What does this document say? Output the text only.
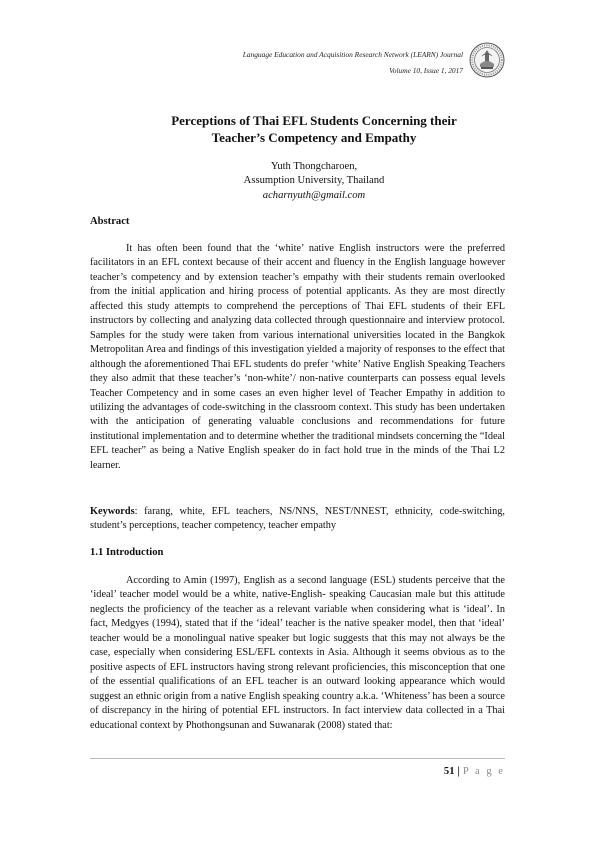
Language Education and Acquisition Research Network (LEARN) Journal
Volume 10, Issue 1, 2017
Perceptions of Thai EFL Students Concerning their
Teacher’s Competency and Empathy
Yuth Thongcharoen,
Assumption University, Thailand
acharnyuth@gmail.com
Abstract
It has often been found that the ‘white’ native English instructors were the preferred facilitators in an EFL context because of their accent and fluency in the English language however teacher’s competency and by extension teacher’s empathy with their students remain overlooked from the initial application and hiring process of potential applicants. As they are most directly affected this study attempts to comprehend the perceptions of Thai EFL students of their EFL instructors by collecting and analyzing data collected through questionnaire and interview protocol. Samples for the study were taken from various international universities located in the Bangkok Metropolitan Area and findings of this investigation yielded a majority of responses to the effect that although the aforementioned Thai EFL students do prefer ‘white’ Native English Speaking Teachers they also admit that these teacher’s ‘non-white’/ non-native counterparts can possess equal levels Teacher Competency and in some cases an even higher level of Teacher Empathy in addition to utilizing the advantages of code-switching in the classroom context. This study has been undertaken with the anticipation of generating valuable conclusions and recommendations for future institutional implementation and to determine whether the traditional mindsets concerning the “Ideal EFL teacher” as being a Native English speaker do in fact hold true in the minds of the Thai L2 learner.
Keywords: farang, white, EFL teachers, NS/NNS, NEST/NNEST, ethnicity, code-switching, student’s perceptions, teacher competency, teacher empathy
1.1 Introduction
According to Amin (1997), English as a second language (ESL) students perceive that the ‘ideal’ teacher model would be a white, native-English- speaking Caucasian male but this attitude neglects the proficiency of the teacher as a relevant variable when considering what is ‘ideal’. In fact, Medgyes (1994), stated that if the ‘ideal’ teacher is the native speaker model, then that ‘ideal’ teacher would be a monolingual native speaker but logic suggests that this may not always be the case, especially when considering ESL/EFL contexts in Asia. Although it seems obvious as to the positive aspects of EFL instructors having strong relevant proficiencies, this misconception that one of the essential qualifications of an EFL teacher is an outward looking appearance which would suggest an ethnic origin from a native English speaking country a.k.a. ‘Whiteness’ has been a source of discrepancy in the hiring of potential EFL instructors. In fact interview data collected in a Thai educational context by Phothongsunan and Suwanarak (2008) stated that:
51 | P a g e
